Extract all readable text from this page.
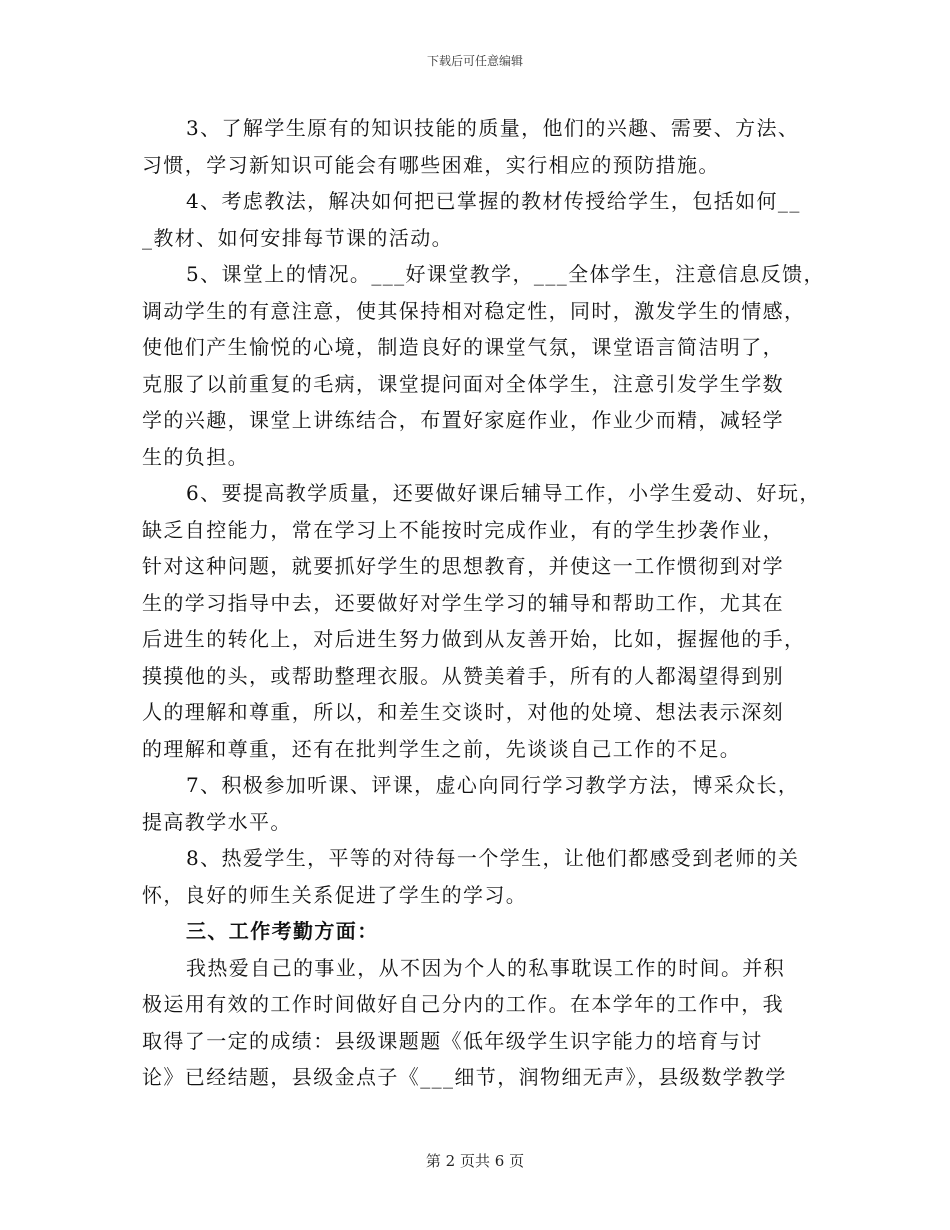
下载后可任意编辑
3、了解学生原有的知识技能的质量，他们的兴趣、需要、方法、
习惯，学习新知识可能会有哪些困难，实行相应的预防措施。
4、考虑教法，解决如何把已掌握的教材传授给学生，包括如何__
_教材、如何安排每节课的活动。
5、课堂上的情况。___好课堂教学，___全体学生，注意信息反馈，
调动学生的有意注意，使其保持相对稳定性，同时，激发学生的情感，
使他们产生愉悦的心境，制造良好的课堂气氛，课堂语言简洁明了，
克服了以前重复的毛病，课堂提问面对全体学生，注意引发学生学数
学的兴趣，课堂上讲练结合，布置好家庭作业，作业少而精，减轻学
生的负担。
6、要提高教学质量，还要做好课后辅导工作，小学生爱动、好玩，
缺乏自控能力，常在学习上不能按时完成作业，有的学生抄袭作业，
针对这种问题，就要抓好学生的思想教育，并使这一工作惯彻到对学
生的学习指导中去，还要做好对学生学习的辅导和帮助工作，尤其在
后进生的转化上，对后进生努力做到从友善开始，比如，握握他的手，
摸摸他的头，或帮助整理衣服。从赞美着手，所有的人都渴望得到别
人的理解和尊重，所以，和差生交谈时，对他的处境、想法表示深刻
的理解和尊重，还有在批判学生之前，先谈谈自己工作的不足。
7、积极参加听课、评课，虚心向同行学习教学方法，博采众长，
提高教学水平。
8、热爱学生，平等的对待每一个学生，让他们都感受到老师的关
怀，良好的师生关系促进了学生的学习。
三、工作考勤方面：
我热爱自己的事业，从不因为个人的私事耽误工作的时间。并积
极运用有效的工作时间做好自己分内的工作。在本学年的工作中，我
取得了一定的成绩：县级课题题《低年级学生识字能力的培育与讨
论》已经结题，县级金点子《___细节，润物细无声》，县级数学教学
第 2 页共 6 页
